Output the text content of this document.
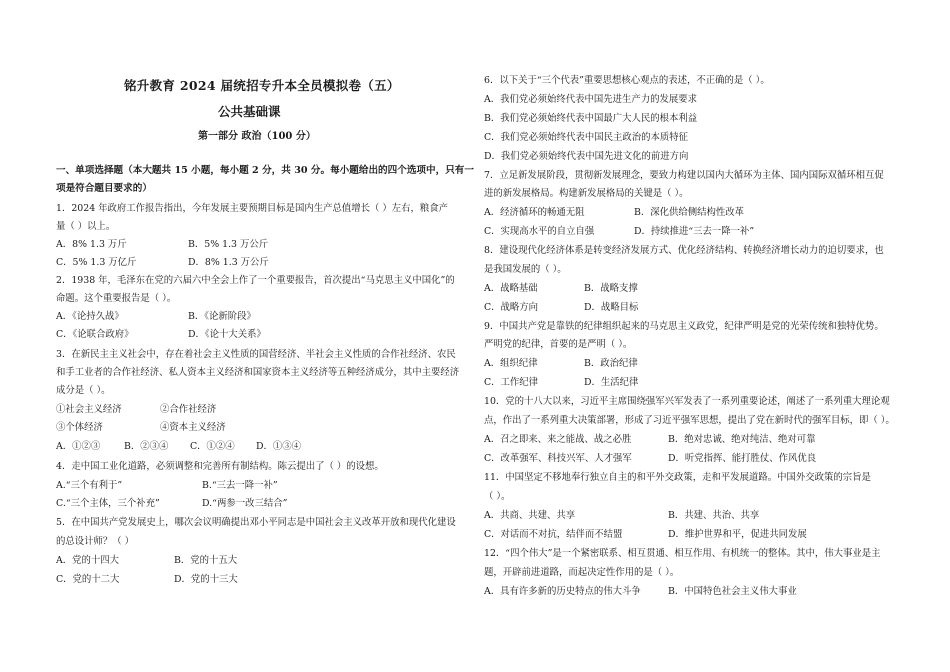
铭升教育 2024 届统招专升本全员模拟卷（五）
公共基础课
第一部分 政治（100 分）
一、单项选择题（本大题共 15 小题，每小题 2 分，共 30 分。每小题给出的四个选项中，只有一
项是符合题目要求的）
1．2024 年政府工作报告指出，今年发展主要预期目标是国内生产总值增长（ ）左右，粮食产
量（ ）以上。
A．8% 1.3 万斤	B．5% 1.3 万公斤
C．5% 1.3 万亿斤	D．8% 1.3 万公斤
2．1938 年，毛泽东在党的六届六中全会上作了一个重要报告，首次提出“马克思主义中国化”的
命题。这个重要报告是（ ）。
A．《论持久战》	B．《论新阶段》
C．《论联合政府》	D．《论十大关系》
3．在新民主主义社会中，存在着社会主义性质的国营经济、半社会主义性质的合作社经济、农民
和手工业者的合作社经济、私人资本主义经济和国家资本主义经济等五种经济成分，其中主要经济
成分是（ ）。
①社会主义经济	②合作社经济
③个体经济	④资本主义经济
A．①②③	B．②③④ C．①②④ D．①③④
4．走中国工业化道路，必须调整和完善所有制结构。陈云提出了（ ）的设想。
A.“三个有利于”	B.“三去一降一补”
C.“三个主体，三个补充”	D.“两参一改三结合”
5．在中国共产党发展史上，哪次会议明确提出邓小平同志是中国社会主义改革开放和现代化建设
的总设计师？（ ）
A．党的十四大	B．党的十五大
C．党的十二大	D．党的十三大
6．以下关于“三个代表”重要思想核心观点的表述，不正确的是（ ）。
A．我们党必须始终代表中国先进生产力的发展要求
B．我们党必须始终代表中国最广大人民的根本利益
C．我们党必须始终代表中国民主政治的本质特征
D．我们党必须始终代表中国先进文化的前进方向
7．立足新发展阶段，贯彻新发展理念，要致力构建以国内大循环为主体、国内国际双循环相互促
进的新发展格局。构建新发展格局的关键是（ ）。
A．经济循环的畅通无阻	B．深化供给侧结构性改革
C．实现高水平的自立自强	D．持续推进“三去一降一补”
8．建设现代化经济体系是转变经济发展方式、优化经济结构、转换经济增长动力的迫切要求，也
是我国发展的（ ）。
A．战略基础	B．战略支撑
C．战略方向	D．战略目标
9．中国共产党是靠铁的纪律组织起来的马克思主义政党，纪律严明是党的光荣传统和独特优势。
严明党的纪律，首要的是严明（ ）。
A．组织纪律	B．政治纪律
C．工作纪律	D．生活纪律
10．党的十八大以来，习近平主席围绕强军兴军发表了一系列重要论述，阐述了一系列重大理论观
点，作出了一系列重大决策部署，形成了习近平强军思想，提出了党在新时代的强军目标，即（ ）。
A．召之即来、来之能战、战之必胜	B．绝对忠诚、绝对纯洁、绝对可靠
C．改革强军、科技兴军、人才强军	D．听党指挥、能打胜仗、作风优良
11．中国坚定不移地奉行独立自主的和平外交政策，走和平发展道路。中国外交政策的宗旨是
（ ）。
A．共商、共建、共享	B．共建、共治、共享
C．对话而不对抗，结伴而不结盟	D．维护世界和平，促进共同发展
12．“四个伟大”是一个紧密联系、相互贯通、相互作用、有机统一的整体。其中，伟大事业是主
题，开辟前进道路，而起决定性作用的是（ ）。
A．具有许多新的历史特点的伟大斗争	B．中国特色社会主义伟大事业
